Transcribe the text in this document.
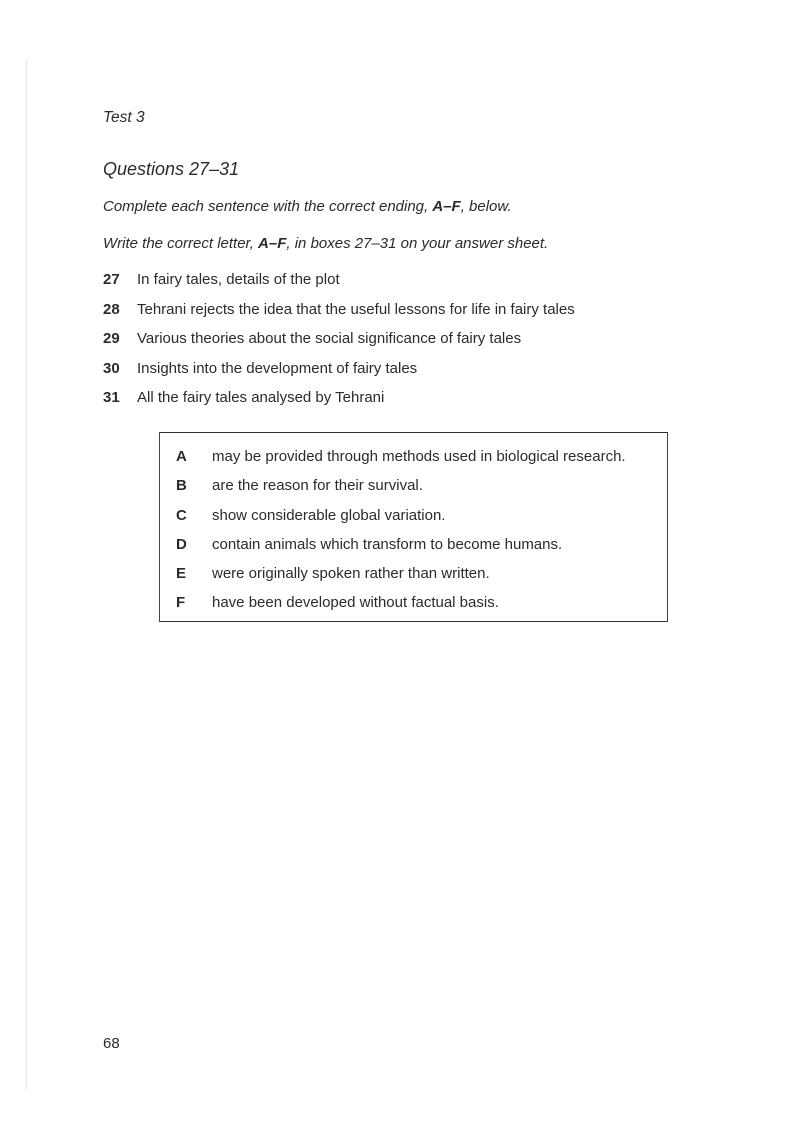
Test 3
Questions 27–31
Complete each sentence with the correct ending, A–F, below.
Write the correct letter, A–F, in boxes 27–31 on your answer sheet.
27	In fairy tales, details of the plot
28	Tehrani rejects the idea that the useful lessons for life in fairy tales
29	Various theories about the social significance of fairy tales
30	Insights into the development of fairy tales
31	All the fairy tales analysed by Tehrani
A	may be provided through methods used in biological research.
B	are the reason for their survival.
C	show considerable global variation.
D	contain animals which transform to become humans.
E	were originally spoken rather than written.
F	have been developed without factual basis.
68
